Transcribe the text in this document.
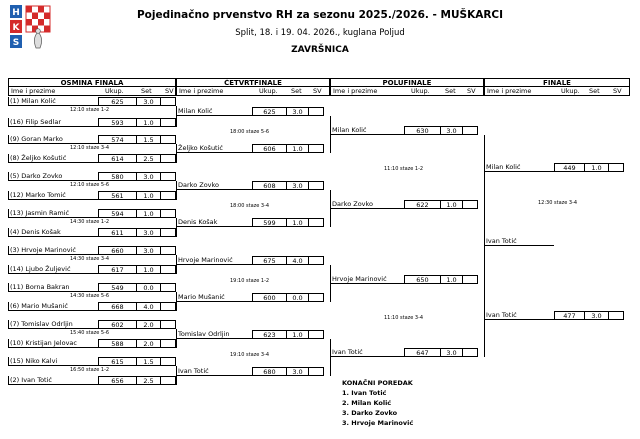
H
K
S
Pojedinačno prvenstvo RH za sezonu 2025./2026. - MUŠKARCI
Split, 18. i 19. 04. 2026., kuglana Poljud
ZAVRŠNICA
OSMINA FINALA
Ime i prezime	Ukup.	Set SV
ČETVRTFINALE
Ime i prezime	Ukup. Set SV
POLUFINALE
Ime i prezime	Ukup. Set SV
FINALE
Ime i prezime	Ukup. Set SV
(1) Milan Kolić	625	3.0
(16) Filip Sedlar	593	1.0
(9) Goran Marko	574	1.5
(8) Željko Košutić	614	2.5
(5) Darko Zovko	580	3.0
(12) Marko Tomić	561	1.0
(13) Jasmin Ramić	594	1.0
(4) Denis Košak	611	3.0
(3) Hrvoje Marinović	660	3.0
(14) Ljubo Žuljević	617	1.0
(11) Borna Bakran	549	0.0
(6) Mario Mušanić	668	4.0
(7) Tomislav Odrljin	602	2.0
(10) Kristijan Jelovac	588	2.0
(15) Niko Kalvi	615	1.5
(2) Ivan Totić	656	2.5
12:10 staze 1-2
12:10 staze 3-4
12:10 staze 5-6
14:30 staze 1-2
14:30 staze 3-4
14:30 staze 5-6
15:40 staze 5-6
16:50 staze 1-2
Milan Kolić	625	3.0
Željko Košutić	606	1.0
Darko Zovko	608	3.0
Denis Košak	599	1.0
Hrvoje Marinović	675	4.0
Mario Mušanić	600	0.0
Tomislav Odrljin	623	1.0
Ivan Totić	680	3.0
18:00 staze 5-6
18:00 staze 3-4
19:10 staze 1-2
19:10 staze 3-4
Milan Kolić	630	3.0
Darko Zovko	622	1.0
Hrvoje Marinović	650	1.0
Ivan Totić	647	3.0
11:10 staze 1-2
11:10 staze 3-4
Milan Kolić	449	1.0
Ivan Totić	477	3.0
12:30 staze 3-4
Ivan Totić
KONAČNI POREDAK
1. Ivan Totić
2. Milan Kolić
3. Darko Zovko
3. Hrvoje Marinović
